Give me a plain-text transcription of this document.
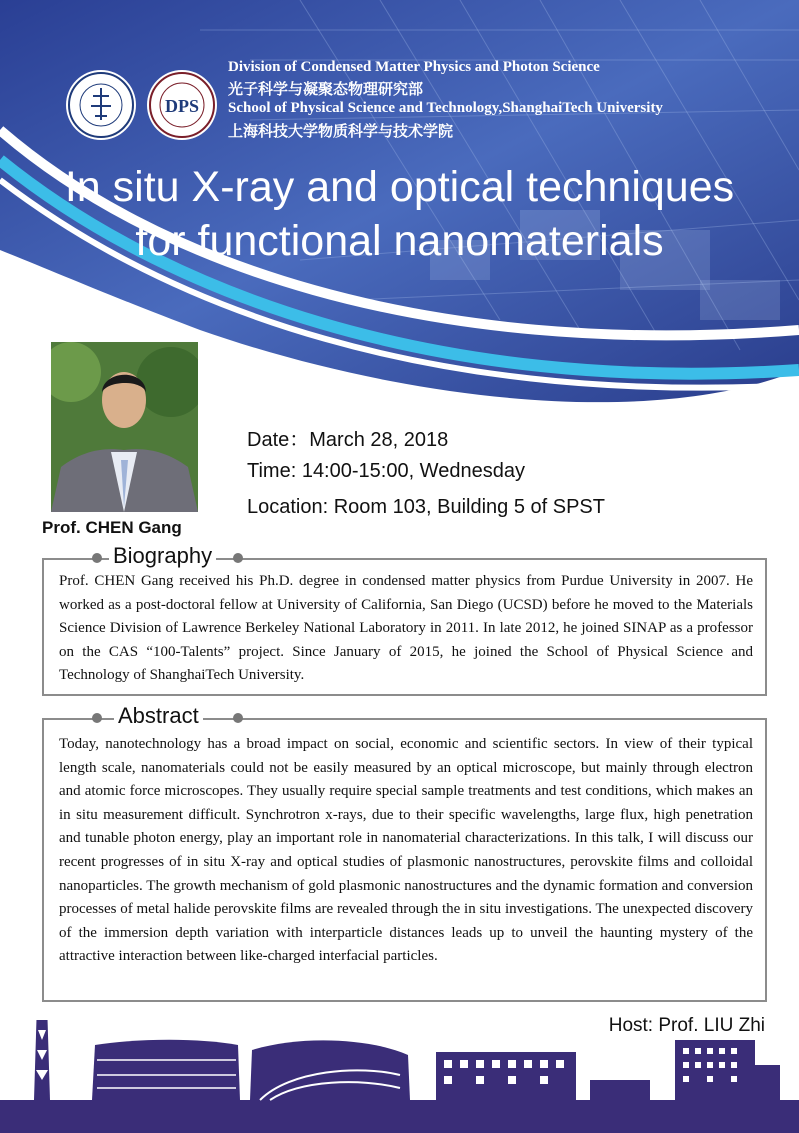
DPS
Division of Condensed Matter Physics and Photon Science
光子科学与凝聚态物理研究部
School of Physical Science and Technology,ShanghaiTech University
上海科技大学物质科学与技术学院
In situ X-ray and optical techniques
for functional nanomaterials
Prof. CHEN Gang
Date：March 28, 2018
Time: 14:00-15:00, Wednesday
Location: Room 103, Building 5 of SPST
Biography
Prof. CHEN Gang received his Ph.D. degree in condensed matter physics from Purdue University in 2007. He worked as a post-doctoral fellow at University of California, San Diego (UCSD) before he moved to the Materials Science Division of Lawrence Berkeley National Laboratory in 2011. In late 2012, he joined SINAP as a professor on the CAS “100-Talents” project. Since January of 2015, he joined the School of Physical Science and Technology of ShanghaiTech University.
Abstract
Today, nanotechnology has a broad impact on social, economic and scientific sectors. In view of their typical length scale, nanomaterials could not be easily measured by an optical microscope, but mainly through electron and atomic force microscopes. They usually require special sample treatments and test conditions, which makes an in situ measurement difficult. Synchrotron x-rays, due to their specific wavelengths, large flux, high penetration and tunable photon energy, play an important role in nanomaterial characterizations. In this talk, I will discuss our recent progresses of in situ X-ray and optical studies of plasmonic nanostructures, perovskite films and colloidal nanoparticles. The growth mechanism of gold plasmonic nanostructures and the dynamic formation and conversion processes of metal halide perovskite films are revealed through the in situ investigations. The unexpected discovery of the immersion depth variation with interparticle distances leads up to unveil the haunting mystery of the attractive interaction between like-charged interfacial particles.
Host: Prof. LIU Zhi
